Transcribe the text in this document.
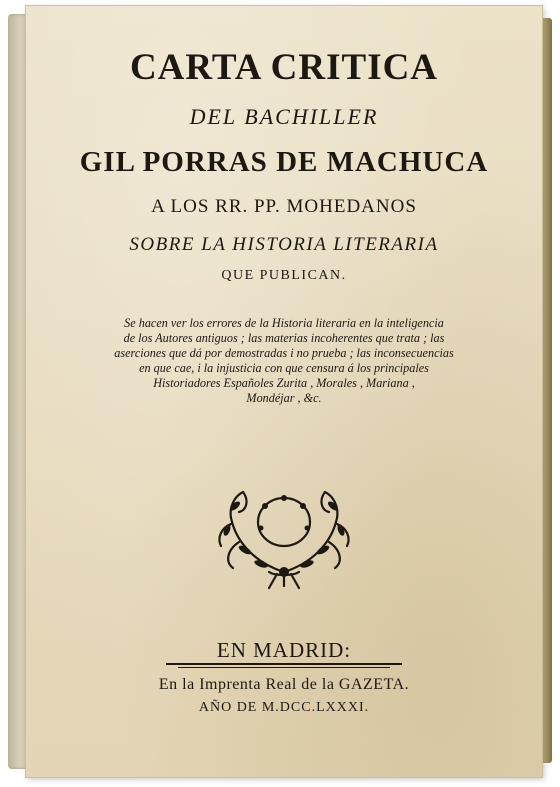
CARTA CRITICA
DEL BACHILLER
GIL PORRAS DE MACHUCA
A LOS RR. PP. MOHEDANOS
SOBRE LA HISTORIA LITERARIA
QUE PUBLICAN.
Se hacen ver los errores de la Historia literaria en la inteligencia
de los Autores antiguos ; las materias incoherentes que trata ; las
aserciones que dá por demostradas i no prueba ; las inconsecuencias
en que cae, i la injusticia con que censura á los principales
Historiadores Españoles Zurita , Morales , Mariana ,
Mondéjar , &c.
EN MADRID:
En la Imprenta Real de la GAZETA.
AÑO DE M.DCC.LXXXI.
